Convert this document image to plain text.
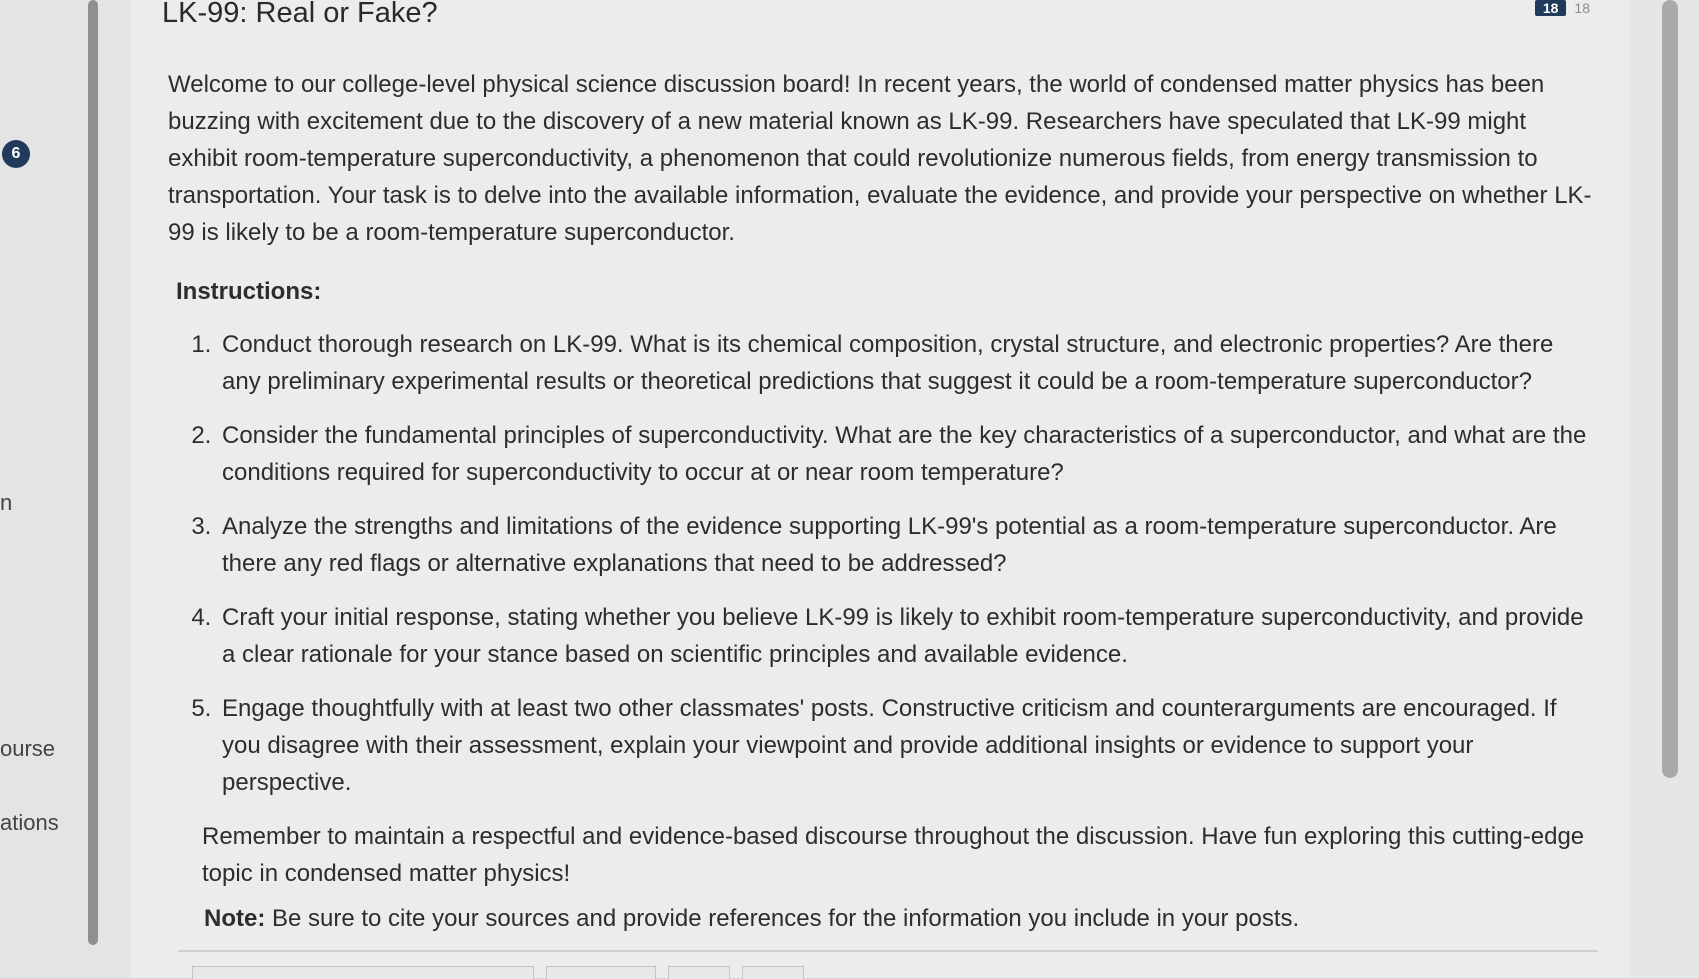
6
n
ourse
ations
LK-99: Real or Fake?	18	18

Welcome to our college-level physical science discussion board! In recent years, the world of condensed matter physics has been buzzing with excitement due to the discovery of a new material known as LK-99. Researchers have speculated that LK-99 might exhibit room-temperature superconductivity, a phenomenon that could revolutionize numerous fields, from energy transmission to transportation. Your task is to delve into the available information, evaluate the evidence, and provide your perspective on whether LK-99 is likely to be a room-temperature superconductor.

Instructions:

1. Conduct thorough research on LK-99. What is its chemical composition, crystal structure, and electronic properties? Are there any preliminary experimental results or theoretical predictions that suggest it could be a room-temperature superconductor?
2. Consider the fundamental principles of superconductivity. What are the key characteristics of a superconductor, and what are the conditions required for superconductivity to occur at or near room temperature?
3. Analyze the strengths and limitations of the evidence supporting LK-99's potential as a room-temperature superconductor. Are there any red flags or alternative explanations that need to be addressed?
4. Craft your initial response, stating whether you believe LK-99 is likely to exhibit room-temperature superconductivity, and provide a clear rationale for your stance based on scientific principles and available evidence.
5. Engage thoughtfully with at least two other classmates' posts. Constructive criticism and counterarguments are encouraged. If you disagree with their assessment, explain your viewpoint and provide additional insights or evidence to support your perspective.

Remember to maintain a respectful and evidence-based discourse throughout the discussion. Have fun exploring this cutting-edge topic in condensed matter physics!

Note: Be sure to cite your sources and provide references for the information you include in your posts.
